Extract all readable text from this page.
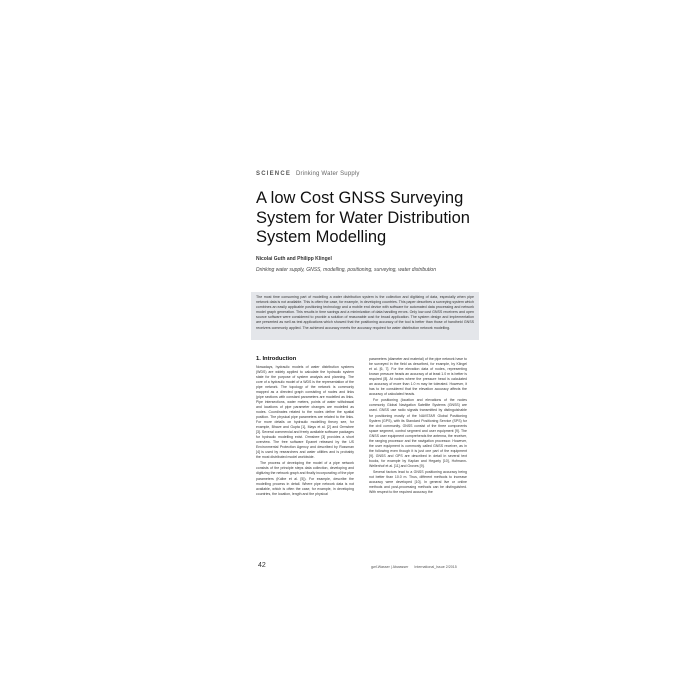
SCIENCE Drinking Water Supply
A low Cost GNSS Surveying System for Water Distribution System Modelling
Nicolai Guth and Philipp Klingel
Drinking water supply, GNSS, modelling, positioning, surveying, water distribution

The most time consuming part of modelling a water distribution system is the collection and digitizing of data, especially when pipe network data is not available. This is often the case, for example, in developing countries. This paper describes a surveying system which combines an easily applicable positioning technology and a mobile end device with software for automated data processing and network model graph generation. This results in time savings and a minimization of data handling errors. Only low cost GNSS receivers and open source software were considered to provide a solution of reasonable cost for broad application. The system design and implementation are presented as well as test applications which showed that the positioning accuracy of the tool is better than those of handheld GNSS receivers commonly applied. The achieved accuracy meets the accuracy required for water distribution network modelling.

1. Introduction

Nowadays, hydraulic models of water distribution systems (WDS) are widely applied to calculate the hydraulic system state for the purpose of system analysis and planning. The core of a hydraulic model of a WDS is the representation of the pipe network. The topology of the network is commonly mapped as a directed graph consisting of nodes and links (pipe sections with constant parameters are modelled as links. Pipe intersections, water meters, points of water withdrawal and locations of pipe parameter changes are modelled as nodes. Coordinates related to the nodes define the spatial position. The physical pipe parameters are related to the links. For more details on hydraulic modelling theory see, for example, Bhave and Gupta [1], Mays et al. [2] and Ormsbee [3]. Several commercial and freely available software packages for hydraulic modelling exist. Ormsbee [3] provides a short overview. The free software Epanet released by the US Environmental Protection Agency and described by Rossman [4] is used by researchers and water utilities and is probably the most distributed model worldwide.

The process of developing the model of a pipe network consists of the principle steps data collection, developing and digitizing the network graph and finally incorporating of the pipe parameters (Kolbe et al. [5]). For example, describe the modelling process in detail. Where pipe network data is not available, which is often the case, for example, in developing countries, the location, length and the physical

parameters (diameter and material) of the pipe network have to be surveyed in the field as described, for example, by Klingel et al. [6, 7]. For the elevation data of nodes, representing known pressure heads an accuracy of at least 1.0 m is better is required [8]. At nodes where the pressure head is calculated an accuracy of more than 1.0 m may be tolerated. However, it has to be considered that the elevation accuracy affects the accuracy of calculated heads.

For positioning (location and elevations of the nodes commonly Global Navigation Satellite Systems (GNSS) are used. GNSS use radio signals transmitted by distinguishable for positioning mostly of the NAVSTAR Global Positioning System (GPS), with its Standard Positioning Service (SPS) for the civil community. GNSS consist of the three components space segment, control segment and user equipment [9]. The GNSS user equipment comprehends the antenna, the receiver, the ranging processor and the navigation processor. However, the user equipment is commonly called GNSS receiver, as in the following even though it is just one part of the equipment [9]. GNSS and GPS are described in detail in several text books, for example by Kaplan and Hegarty [10], Hofmann-Wellenhof et al. [11] and Groves [9].

Several factors lead to a GNSS positioning accuracy being not better than 10.0 m. Thus, different methods to increase accuracy were developed [10]. In general live or online methods and post-processing methods can be distinguished. With respect to the required accuracy the

42	gwf-Wasser | Abwasser International_Issue 2/2015
